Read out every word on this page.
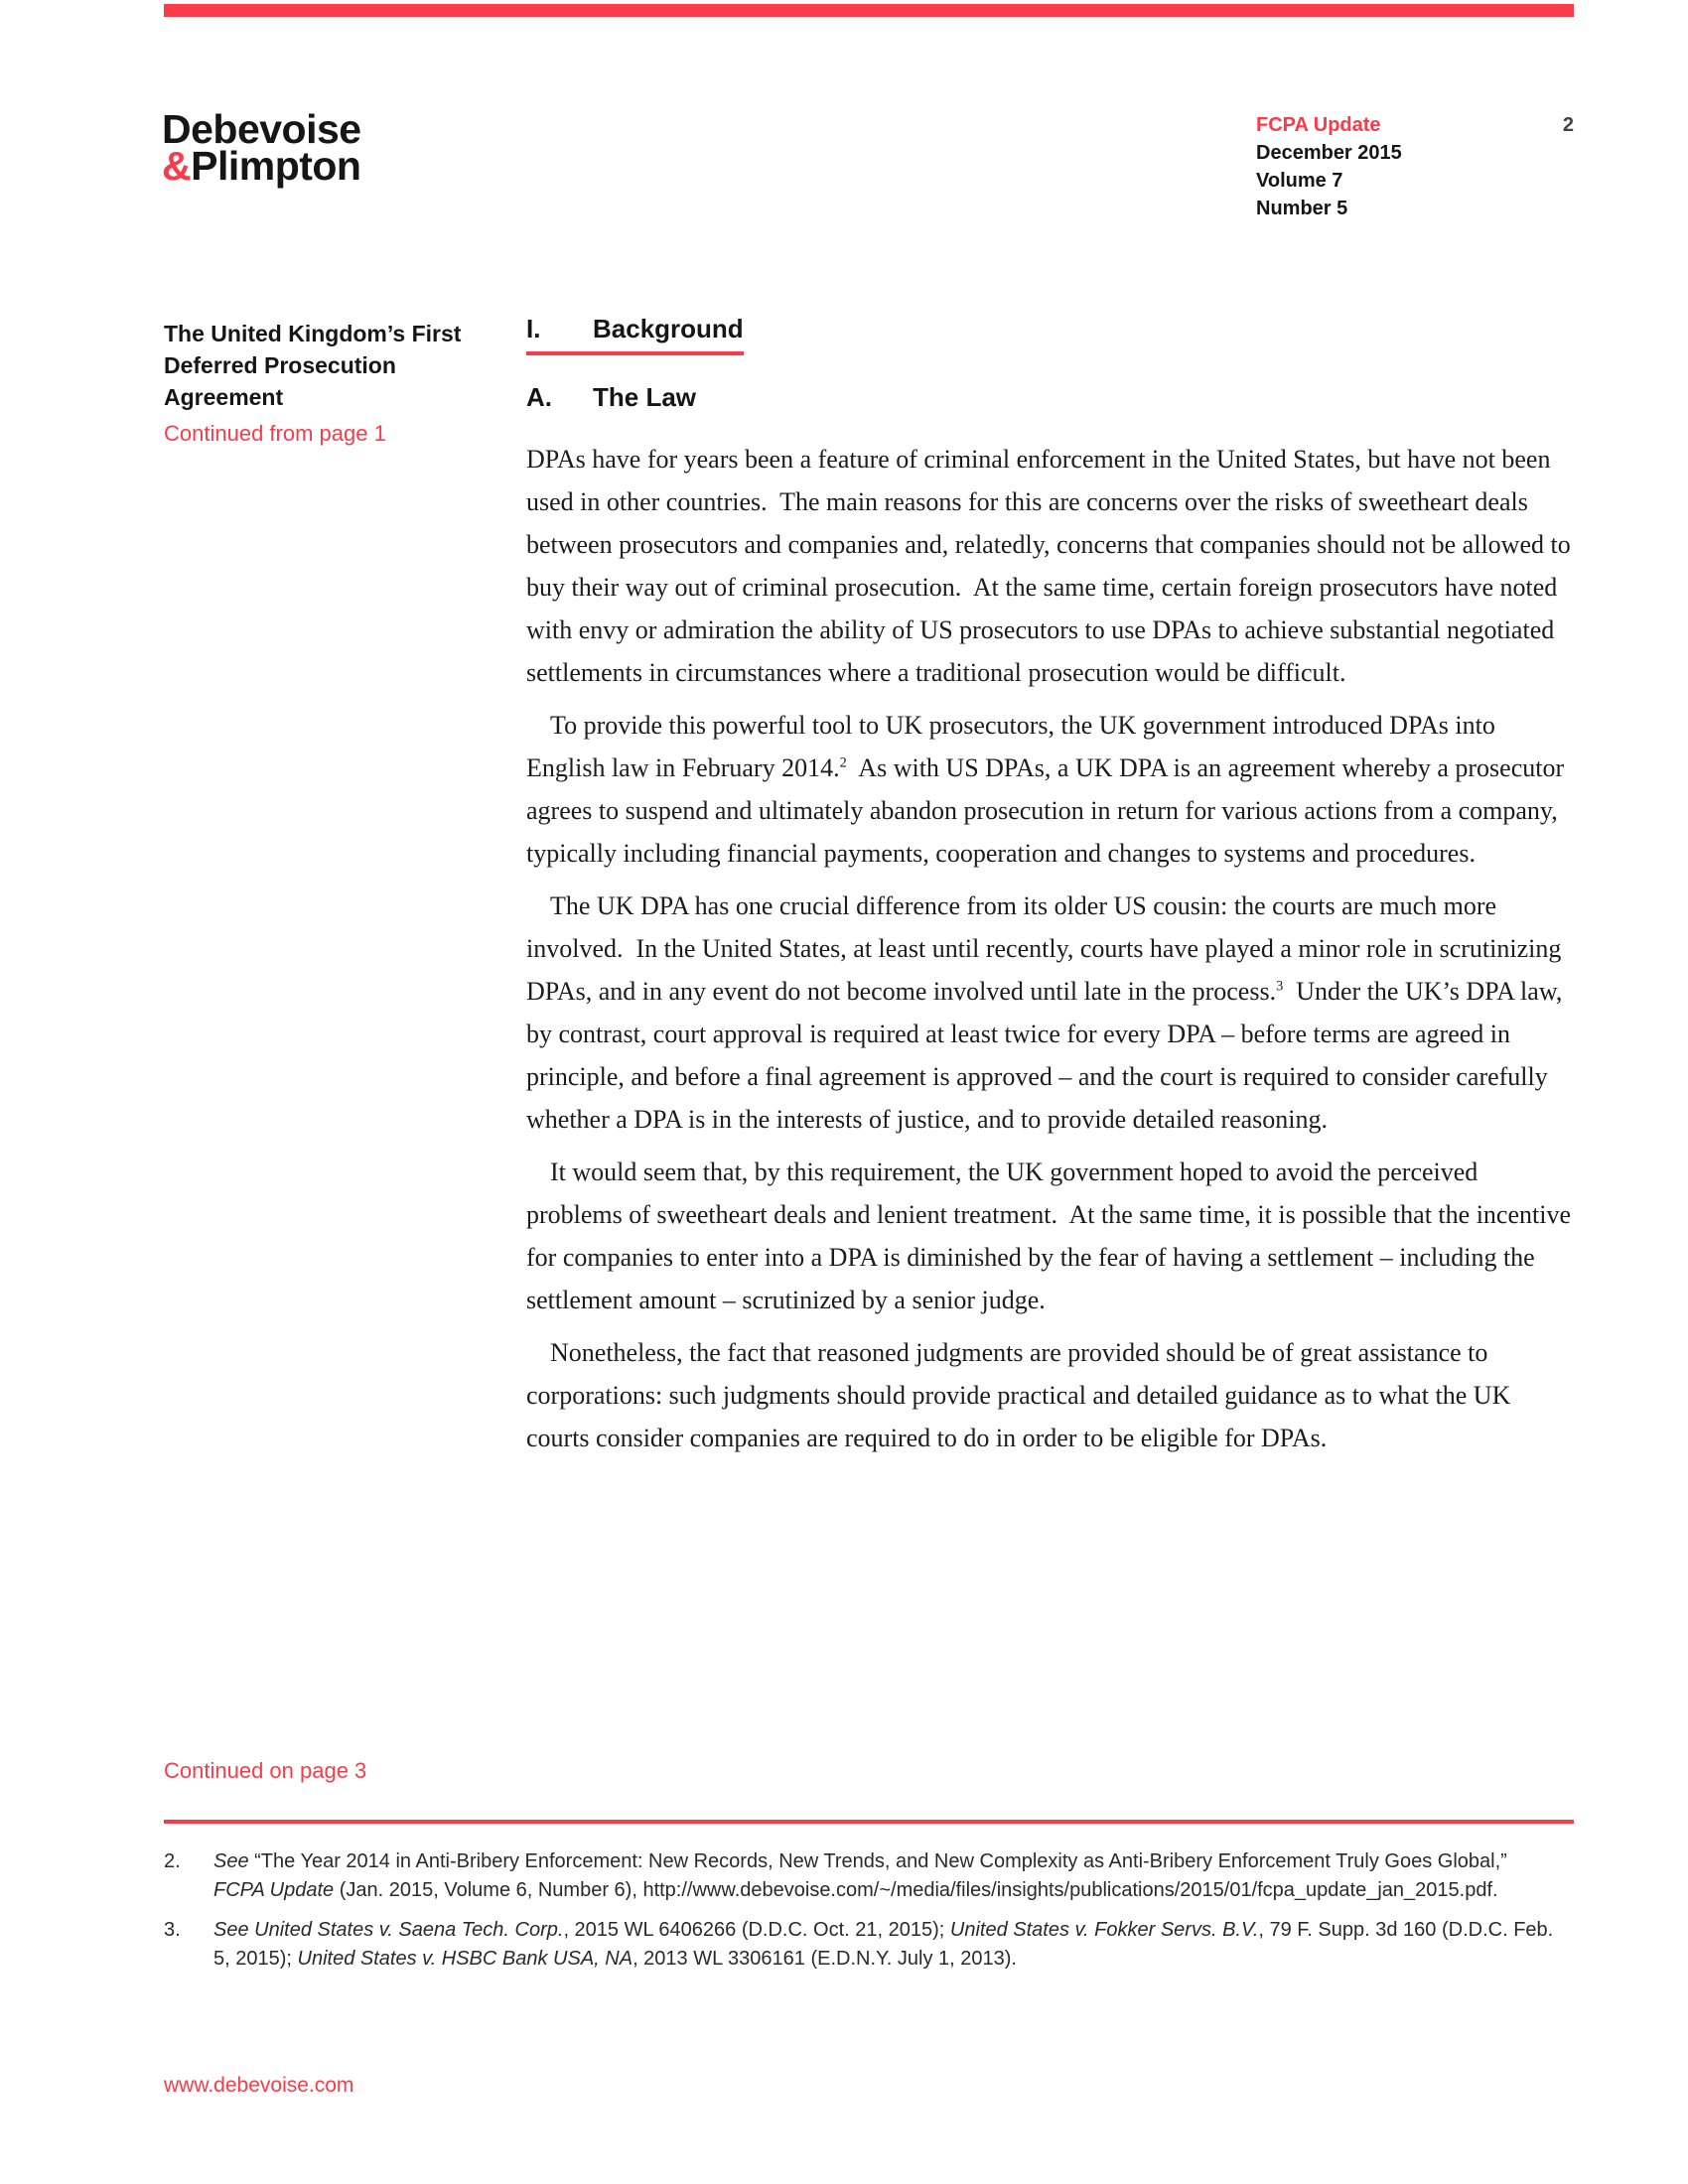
Debevoise
&Plimpton
FCPA Update
December 2015
Volume 7
Number 5
2
The United Kingdom’s First Deferred Prosecution Agreement
Continued from page 1
I. Background
A. The Law

DPAs have for years been a feature of criminal enforcement in the United States, but have not been used in other countries.  The main reasons for this are concerns over the risks of sweetheart deals between prosecutors and companies and, relatedly, concerns that companies should not be allowed to buy their way out of criminal prosecution.  At the same time, certain foreign prosecutors have noted with envy or admiration the ability of US prosecutors to use DPAs to achieve substantial negotiated settlements in circumstances where a traditional prosecution would be difficult.

To provide this powerful tool to UK prosecutors, the UK government introduced DPAs into English law in February 2014.$^2$  As with US DPAs, a UK DPA is an agreement whereby a prosecutor agrees to suspend and ultimately abandon prosecution in return for various actions from a company, typically including financial payments, cooperation and changes to systems and procedures.

The UK DPA has one crucial difference from its older US cousin: the courts are much more involved.  In the United States, at least until recently, courts have played a minor role in scrutinizing DPAs, and in any event do not become involved until late in the process.$^3$  Under the UK’s DPA law, by contrast, court approval is required at least twice for every DPA – before terms are agreed in principle, and before a final agreement is approved – and the court is required to consider carefully whether a DPA is in the interests of justice, and to provide detailed reasoning.

It would seem that, by this requirement, the UK government hoped to avoid the perceived problems of sweetheart deals and lenient treatment.  At the same time, it is possible that the incentive for companies to enter into a DPA is diminished by the fear of having a settlement – including the settlement amount – scrutinized by a senior judge.

Nonetheless, the fact that reasoned judgments are provided should be of great assistance to corporations: such judgments should provide practical and detailed guidance as to what the UK courts consider companies are required to do in order to be eligible for DPAs.

Continued on page 3
2.	See “The Year 2014 in Anti-Bribery Enforcement: New Records, New Trends, and New Complexity as Anti-Bribery Enforcement Truly Goes Global,” FCPA Update (Jan. 2015, Volume 6, Number 6), http://www.debevoise.com/~/media/files/insights/publications/2015/01/fcpa_update_jan_2015.pdf.
3.	See United States v. Saena Tech. Corp., 2015 WL 6406266 (D.D.C. Oct. 21, 2015); United States v. Fokker Servs. B.V., 79 F. Supp. 3d 160 (D.D.C. Feb. 5, 2015); United States v. HSBC Bank USA, NA, 2013 WL 3306161 (E.D.N.Y. July 1, 2013).
www.debevoise.com
